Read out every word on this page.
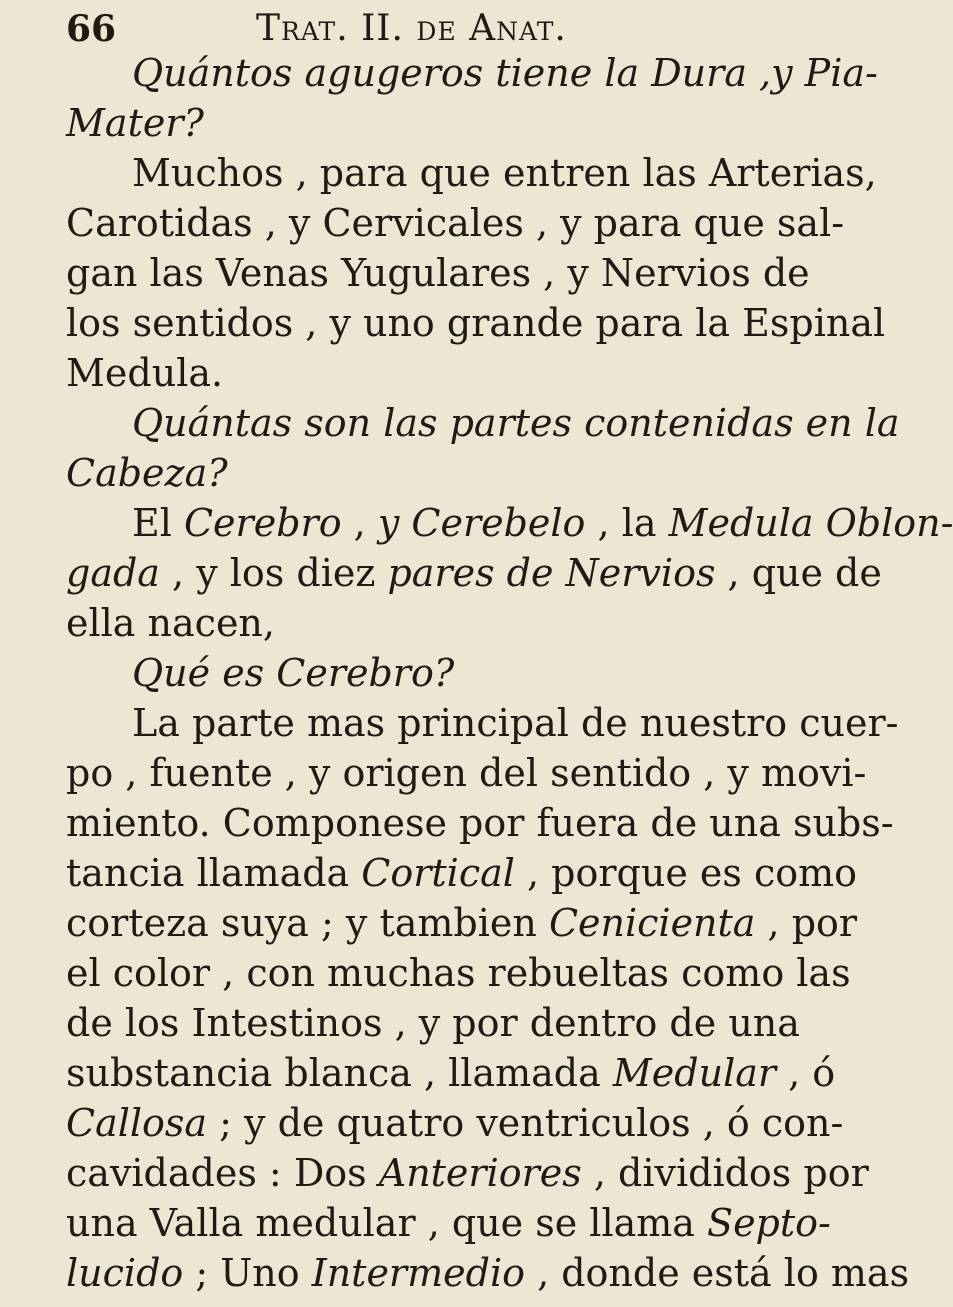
66	Trat. II. de Anat.
Quántos agugeros tiene la Dura ,y Pia-
Mater?
Muchos , para que entren las Arterias,
Carotidas , y Cervicales , y para que sal-
gan las Venas Yugulares , y Nervios de
los sentidos , y uno grande para la Espinal
Medula.
Quántas son las partes contenidas en la
Cabeza?
El Cerebro , y Cerebelo , la Medula Oblon-
gada , y los diez pares de Nervios , que de
ella nacen,
Qué es Cerebro?
La parte mas principal de nuestro cuer-
po , fuente , y origen del sentido , y movi-
miento. Componese por fuera de una subs-
tancia llamada Cortical , porque es como
corteza suya ; y tambien Cenicienta , por
el color , con muchas rebueltas como las
de los Intestinos , y por dentro de una
substancia blanca , llamada Medular , ó
Callosa ; y de quatro ventriculos , ó con-
cavidades : Dos Anteriores , divididos por
una Valla medular , que se llama Septo-
lucido ; Uno Intermedio , donde está lo mas
